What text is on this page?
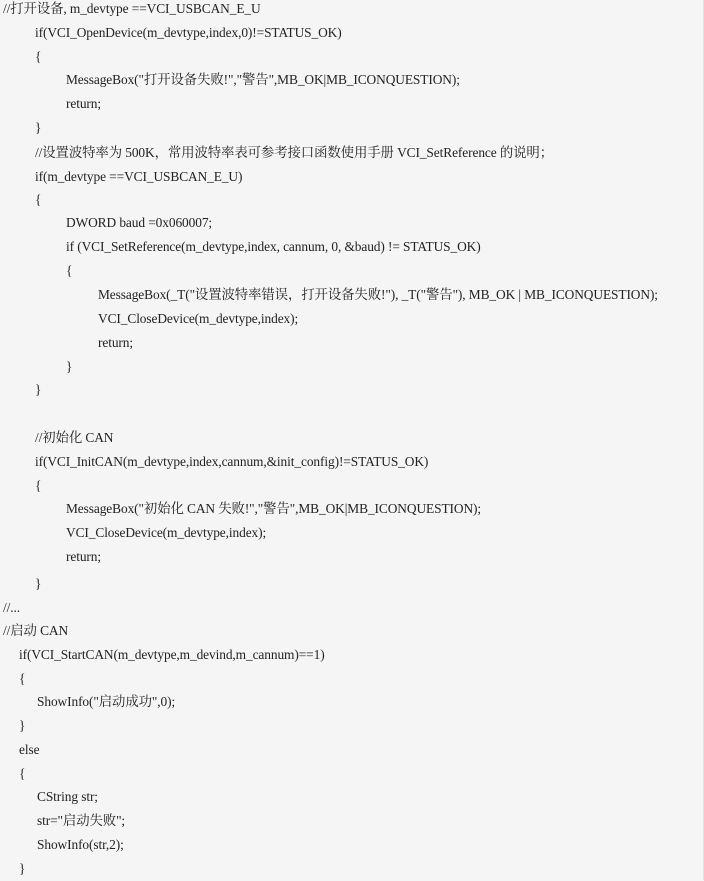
//打开设备, m_devtype ==VCI_USBCAN_E_U
if(VCI_OpenDevice(m_devtype,index,0)!=STATUS_OK)
{
MessageBox("打开设备失败!","警告",MB_OK|MB_ICONQUESTION);
return;
}
//设置波特率为 500K，常用波特率表可参考接口函数使用手册 VCI_SetReference 的说明；
if(m_devtype ==VCI_USBCAN_E_U)
{
DWORD baud =0x060007;
if (VCI_SetReference(m_devtype,index, cannum, 0, &baud) != STATUS_OK)
{
MessageBox(_T("设置波特率错误，打开设备失败!"), _T("警告"), MB_OK | MB_ICONQUESTION);
VCI_CloseDevice(m_devtype,index);
return;
}
}
//初始化 CAN
if(VCI_InitCAN(m_devtype,index,cannum,&init_config)!=STATUS_OK)
{
MessageBox("初始化 CAN 失败!","警告",MB_OK|MB_ICONQUESTION);
VCI_CloseDevice(m_devtype,index);
return;
}
//...
//启动 CAN
if(VCI_StartCAN(m_devtype,m_devind,m_cannum)==1)
{
ShowInfo("启动成功",0);
}
else
{
CString str;
str="启动失败";
ShowInfo(str,2);
}
